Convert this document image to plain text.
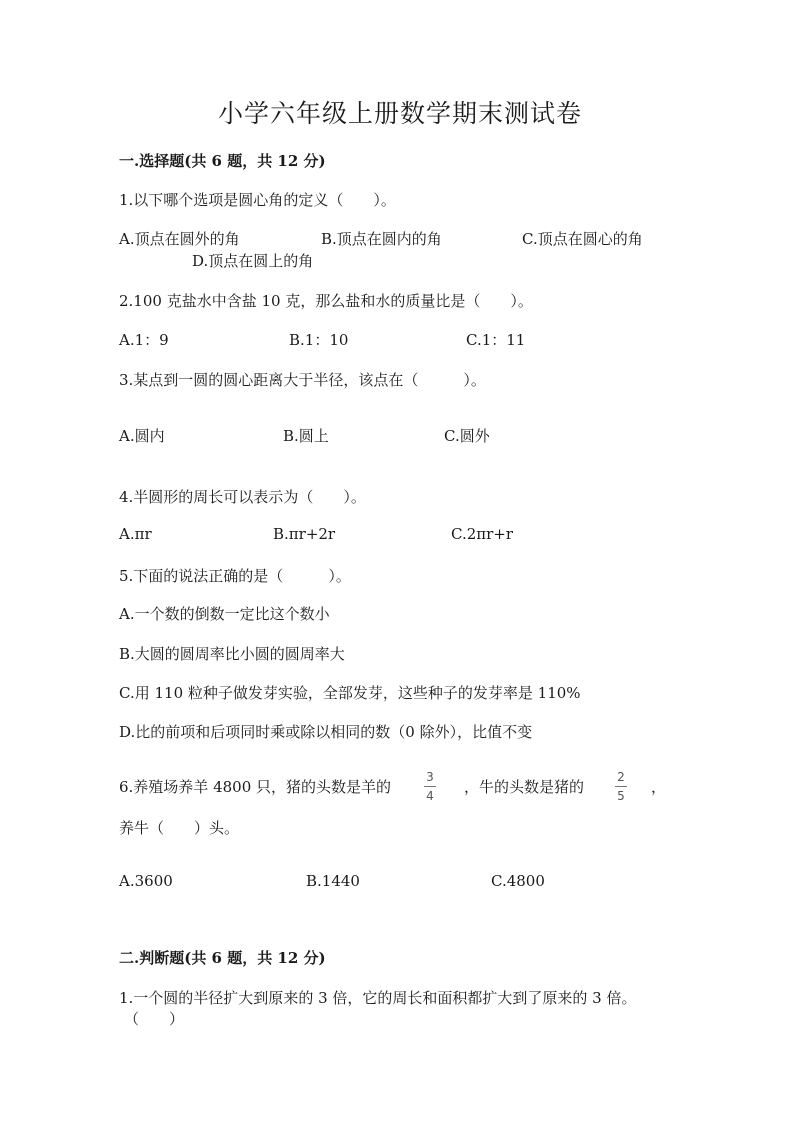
小学六年级上册数学期末测试卷
一.选择题(共 6 题，共 12 分)
1.以下哪个选项是圆心角的定义（　　）。
A.顶点在圆外的角	B.顶点在圆内的角	C.顶点在圆心的角
D.顶点在圆上的角
2.100 克盐水中含盐 10 克，那么盐和水的质量比是（　　）。
A.1：9	B.1：10	C.1：11
3.某点到一圆的圆心距离大于半径，该点在（　　　）。
A.圆内	B.圆上	C.圆外
4.半圆形的周长可以表示为（　　）。
A.πr	B.πr+2r	C.2πr+r
5.下面的说法正确的是（　　　）。
A.一个数的倒数一定比这个数小
B.大圆的圆周率比小圆的圆周率大
C.用 110 粒种子做发芽实验，全部发芽，这些种子的发芽率是 110%
D.比的前项和后项同时乘或除以相同的数（0 除外），比值不变
6.养殖场养羊 4800 只，猪的头数是羊的
3
4 ，牛的头数是猪的
2
5 ，
养牛（　　）头。
A.3600	B.1440	C.4800
二.判断题(共 6 题，共 12 分)
1.一个圆的半径扩大到原来的 3 倍，它的周长和面积都扩大到了原来的 3 倍。
（　　）
